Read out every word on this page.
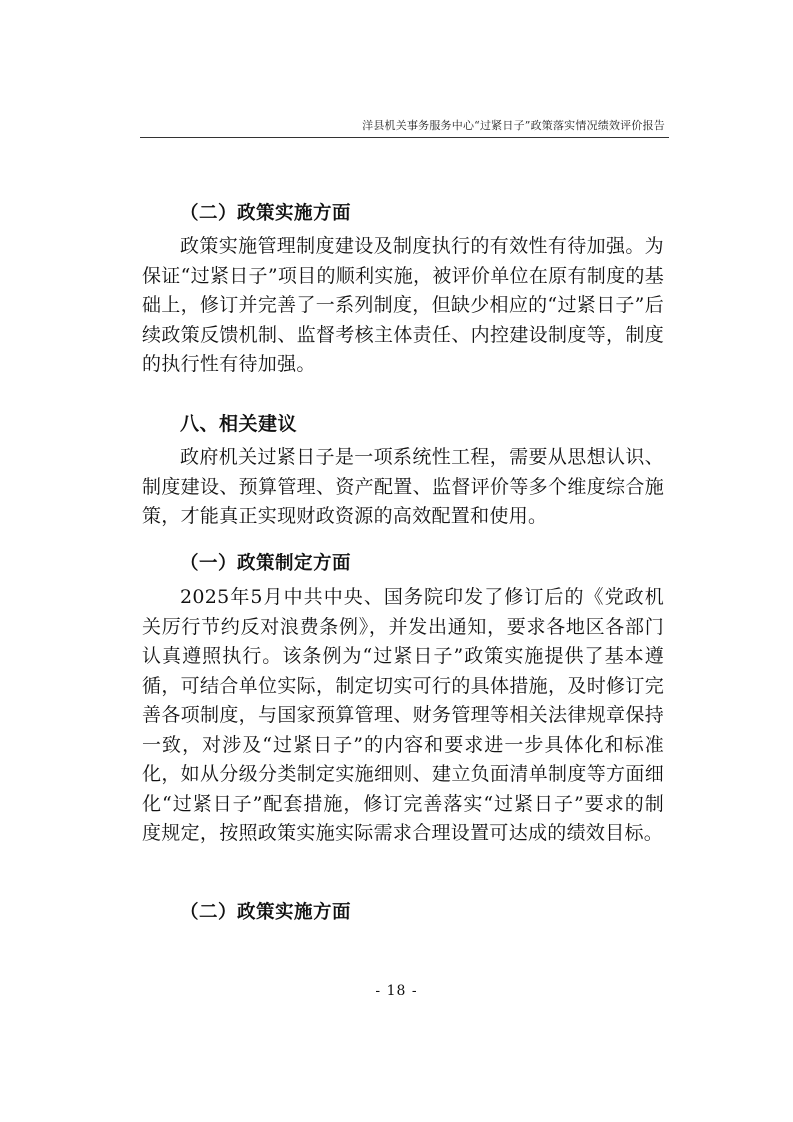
洋县机关事务服务中心“过紧日子”政策落实情况绩效评价报告
（二）政策实施方面

政策实施管理制度建设及制度执行的有效性有待加强。为保证“过紧日子”项目的顺利实施，被评价单位在原有制度的基础上，修订并完善了一系列制度，但缺少相应的“过紧日子”后续政策反馈机制、监督考核主体责任、内控建设制度等，制度的执行性有待加强。

八、相关建议

政府机关过紧日子是一项系统性工程，需要从思想认识、制度建设、预算管理、资产配置、监督评价等多个维度综合施策，才能真正实现财政资源的高效配置和使用。

（一）政策制定方面

2025年5月中共中央、国务院印发了修订后的《党政机关厉行节约反对浪费条例》，并发出通知，要求各地区各部门认真遵照执行。该条例为“过紧日子”政策实施提供了基本遵循，可结合单位实际，制定切实可行的具体措施，及时修订完善各项制度，与国家预算管理、财务管理等相关法律规章保持一致，对涉及“过紧日子”的内容和要求进一步具体化和标准化，如从分级分类制定实施细则、建立负面清单制度等方面细化“过紧日子”配套措施，修订完善落实“过紧日子”要求的制度规定，按照政策实施实际需求合理设置可达成的绩效目标。

（二）政策实施方面
- 18 -
